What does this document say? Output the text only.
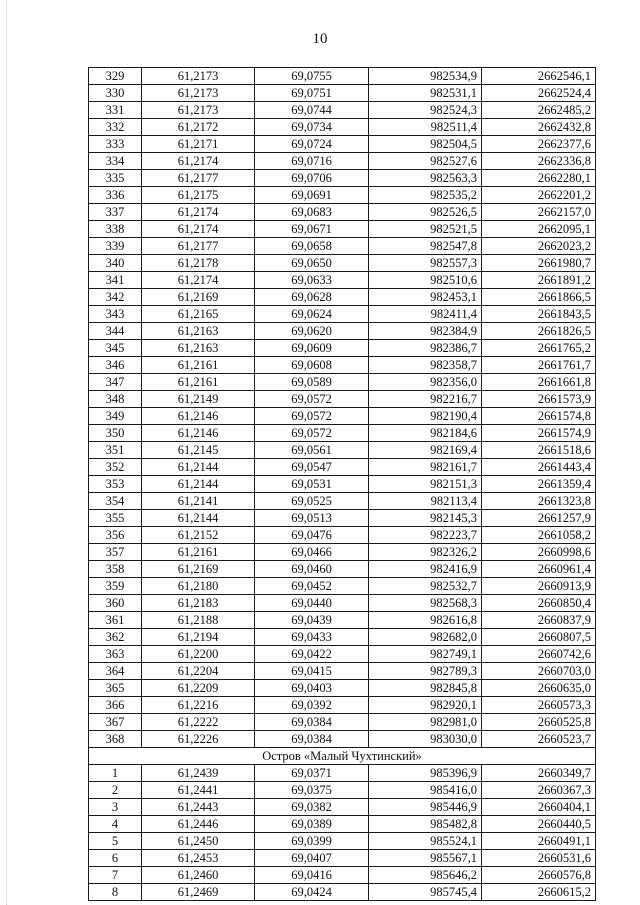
10
329	61,2173	69,0755	982534,9	2662546,1
330	61,2173	69,0751	982531,1	2662524,4
331	61,2173	69,0744	982524,3	2662485,2
332	61,2172	69,0734	982511,4	2662432,8
333	61,2171	69,0724	982504,5	2662377,6
334	61,2174	69,0716	982527,6	2662336,8
335	61,2177	69,0706	982563,3	2662280,1
336	61,2175	69,0691	982535,2	2662201,2
337	61,2174	69,0683	982526,5	2662157,0
338	61,2174	69,0671	982521,5	2662095,1
339	61,2177	69,0658	982547,8	2662023,2
340	61,2178	69,0650	982557,3	2661980,7
341	61,2174	69,0633	982510,6	2661891,2
342	61,2169	69,0628	982453,1	2661866,5
343	61,2165	69,0624	982411,4	2661843,5
344	61,2163	69,0620	982384,9	2661826,5
345	61,2163	69,0609	982386,7	2661765,2
346	61,2161	69,0608	982358,7	2661761,7
347	61,2161	69,0589	982356,0	2661661,8
348	61,2149	69,0572	982216,7	2661573,9
349	61,2146	69,0572	982190,4	2661574,8
350	61,2146	69,0572	982184,6	2661574,9
351	61,2145	69,0561	982169,4	2661518,6
352	61,2144	69,0547	982161,7	2661443,4
353	61,2144	69,0531	982151,3	2661359,4
354	61,2141	69,0525	982113,4	2661323,8
355	61,2144	69,0513	982145,3	2661257,9
356	61,2152	69,0476	982223,7	2661058,2
357	61,2161	69,0466	982326,2	2660998,6
358	61,2169	69,0460	982416,9	2660961,4
359	61,2180	69,0452	982532,7	2660913,9
360	61,2183	69,0440	982568,3	2660850,4
361	61,2188	69,0439	982616,8	2660837,9
362	61,2194	69,0433	982682,0	2660807,5
363	61,2200	69,0422	982749,1	2660742,6
364	61,2204	69,0415	982789,3	2660703,0
365	61,2209	69,0403	982845,8	2660635,0
366	61,2216	69,0392	982920,1	2660573,3
367	61,2222	69,0384	982981,0	2660525,8
368	61,2226	69,0384	983030,0	2660523,7
Остров «Малый Чухтинский»				
1	61,2439	69,0371	985396,9	2660349,7
2	61,2441	69,0375	985416,0	2660367,3
3	61,2443	69,0382	985446,9	2660404,1
4	61,2446	69,0389	985482,8	2660440,5
5	61,2450	69,0399	985524,1	2660491,1
6	61,2453	69,0407	985567,1	2660531,6
7	61,2460	69,0416	985646,2	2660576,8
8	61,2469	69,0424	985745,4	2660615,2
